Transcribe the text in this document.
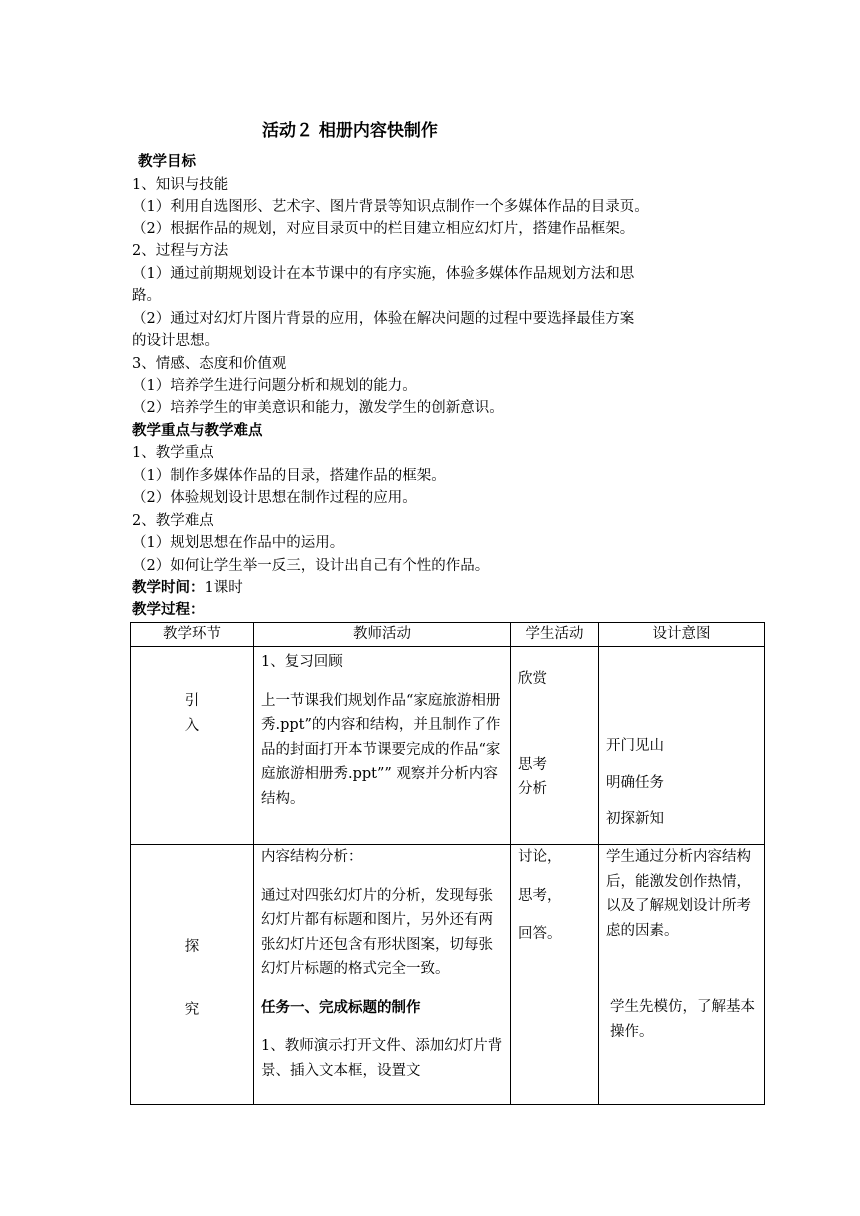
活动２ 相册内容快制作
教学目标
1、知识与技能
（1）利用自选图形、艺术字、图片背景等知识点制作一个多媒体作品的目录页。
（2）根据作品的规划，对应目录页中的栏目建立相应幻灯片，搭建作品框架。
2、过程与方法
（1）通过前期规划设计在本节课中的有序实施，体验多媒体作品规划方法和思
路。
（2）通过对幻灯片图片背景的应用，体验在解决问题的过程中要选择最佳方案
的设计思想。
3、情感、态度和价值观
（1）培养学生进行问题分析和规划的能力。
（2）培养学生的审美意识和能力，激发学生的创新意识。
教学重点与教学难点
1、教学重点
（1）制作多媒体作品的目录，搭建作品的框架。
（2）体验规划设计思想在制作过程的应用。
2、教学难点
（1）规划思想在作品中的运用。
（2）如何让学生举一反三，设计出自己有个性的作品。
教学时间：1课时
教学过程：
教学环节	教师活动	学生活动	设计意图

引
入	1、复习回顾
上一节课我们规划作品“家庭旅游相册秀.ppt”的内容和结构，并且制作了作品的封面打开本节课要完成的作品“家庭旅游相册秀.ppt”” 观察并分析内容结构。	欣赏
思考
分析	开门见山
明确任务
初探新知

探
究	内容结构分析：
通过对四张幻灯片的分析，发现每张幻灯片都有标题和图片，另外还有两张幻灯片还包含有形状图案，切每张幻灯片标题的格式完全一致。
任务一、完成标题的制作
1、教师演示打开文件、添加幻灯片背景、插入文本框，设置文	讨论，
思考，
回答。	学生通过分析内容结构后，能激发创作热情，以及了解规划设计所考虑的因素。
学生先模仿，了解基本操作。
